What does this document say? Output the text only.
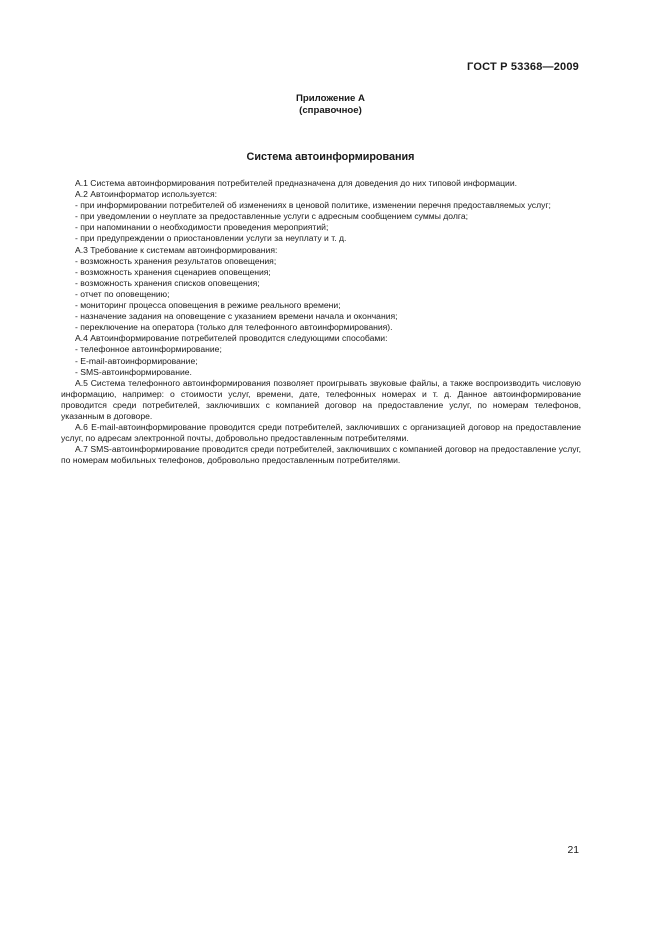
ГОСТ Р 53368—2009
Приложение А
(справочное)
Система автоинформирования

А.1 Система автоинформирования потребителей предназначена для доведения до них типовой информации.

А.2 Автоинформатор используется:

- при информировании потребителей об изменениях в ценовой политике, изменении перечня предоставляемых услуг;

- при уведомлении о неуплате за предоставленные услуги с адресным сообщением суммы долга;

- при напоминании о необходимости проведения мероприятий;

- при предупреждении о приостановлении услуги за неуплату и т. д.

А.3 Требование к системам автоинформирования:

- возможность хранения результатов оповещения;

- возможность хранения сценариев оповещения;

- возможность хранения списков оповещения;

- отчет по оповещению;

- мониторинг процесса оповещения в режиме реального времени;

- назначение задания на оповещение с указанием времени начала и окончания;

- переключение на оператора (только для телефонного автоинформирования).

А.4 Автоинформирование потребителей проводится следующими способами:

- телефонное автоинформирование;

- E-mail-автоинформирование;

- SMS-автоинформирование.

А.5 Система телефонного автоинформирования позволяет проигрывать звуковые файлы, а также воспроизводить числовую информацию, например: о стоимости услуг, времени, дате, телефонных номерах и т. д. Данное автоинформирование проводится среди потребителей, заключивших с компанией договор на предоставление услуг, по номерам телефонов, указанным в договоре.

А.6 E-mail-автоинформирование проводится среди потребителей, заключивших с организацией договор на предоставление услуг, по адресам электронной почты, добровольно предоставленным потребителями.

А.7 SMS-автоинформирование проводится среди потребителей, заключивших с компанией договор на предоставление услуг, по номерам мобильных телефонов, добровольно предоставленным потребителями.

21
